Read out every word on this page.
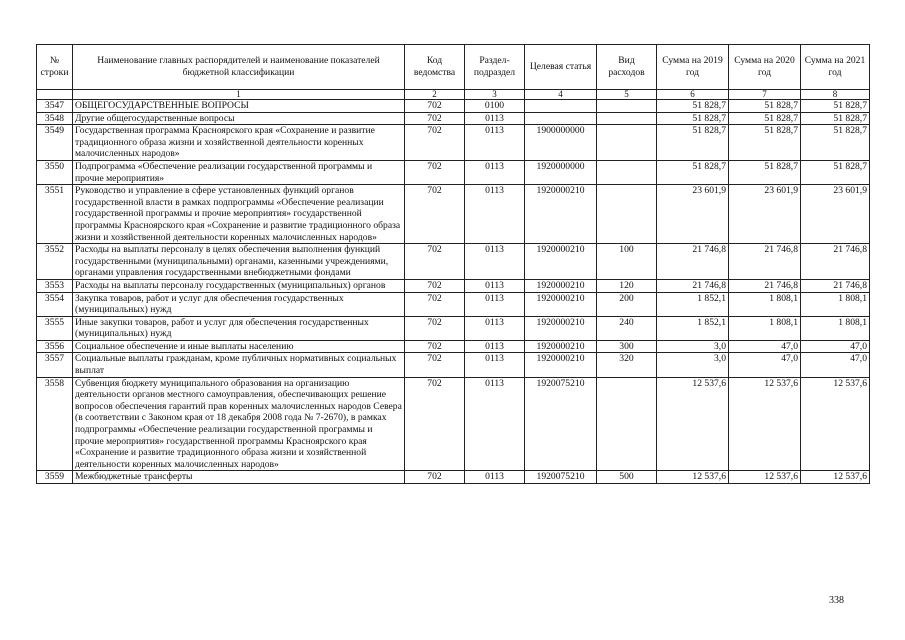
№ строки	Наименование главных распорядителей и наименование показателей бюджетной классификации	Код ведомства	Раздел-подраздел	Целевая статья	Вид расходов	Сумма на 2019 год	Сумма на 2020 год	Сумма на 2021 год
	1	2	3	4	5	6	7	8
3547	ОБЩЕГОСУДАРСТВЕННЫЕ ВОПРОСЫ	702	0100			51 828,7	51 828,7	51 828,7
3548	Другие общегосударственные вопросы	702	0113			51 828,7	51 828,7	51 828,7
3549	Государственная программа Красноярского края «Сохранение и развитие традиционного образа жизни и хозяйственной деятельности коренных малочисленных народов»	702	0113	1900000000		51 828,7	51 828,7	51 828,7
3550	Подпрограмма «Обеспечение реализации государственной программы и прочие мероприятия»	702	0113	1920000000		51 828,7	51 828,7	51 828,7
3551	Руководство и управление в сфере установленных функций органов государственной власти в рамках подпрограммы «Обеспечение реализации государственной программы и прочие мероприятия» государственной программы Красноярского края «Сохранение и развитие традиционного образа жизни и хозяйственной деятельности коренных малочисленных народов»	702	0113	1920000210		23 601,9	23 601,9	23 601,9
3552	Расходы на выплаты персоналу в целях обеспечения выполнения функций государственными (муниципальными) органами, казенными учреждениями, органами управления государственными внебюджетными фондами	702	0113	1920000210	100	21 746,8	21 746,8	21 746,8
3553	Расходы на выплаты персоналу государственных (муниципальных) органов	702	0113	1920000210	120	21 746,8	21 746,8	21 746,8
3554	Закупка товаров, работ и услуг для обеспечения государственных (муниципальных) нужд	702	0113	1920000210	200	1 852,1	1 808,1	1 808,1
3555	Иные закупки товаров, работ и услуг для обеспечения государственных (муниципальных) нужд	702	0113	1920000210	240	1 852,1	1 808,1	1 808,1
3556	Социальное обеспечение и иные выплаты населению	702	0113	1920000210	300	3,0	47,0	47,0
3557	Социальные выплаты гражданам, кроме публичных нормативных социальных выплат	702	0113	1920000210	320	3,0	47,0	47,0
3558	Субвенция бюджету муниципального образования на организацию деятельности органов местного самоуправления, обеспечивающих решение вопросов обеспечения гарантий прав коренных малочисленных народов Севера (в соответствии с Законом края от 18 декабря 2008 года № 7-2670), в рамках подпрограммы «Обеспечение реализации государственной программы и прочие мероприятия» государственной программы Красноярского края «Сохранение и развитие традиционного образа жизни и хозяйственной деятельности коренных малочисленных народов»	702	0113	1920075210		12 537,6	12 537,6	12 537,6
3559	Межбюджетные трансферты	702	0113	1920075210	500	12 537,6	12 537,6	12 537,6
338
